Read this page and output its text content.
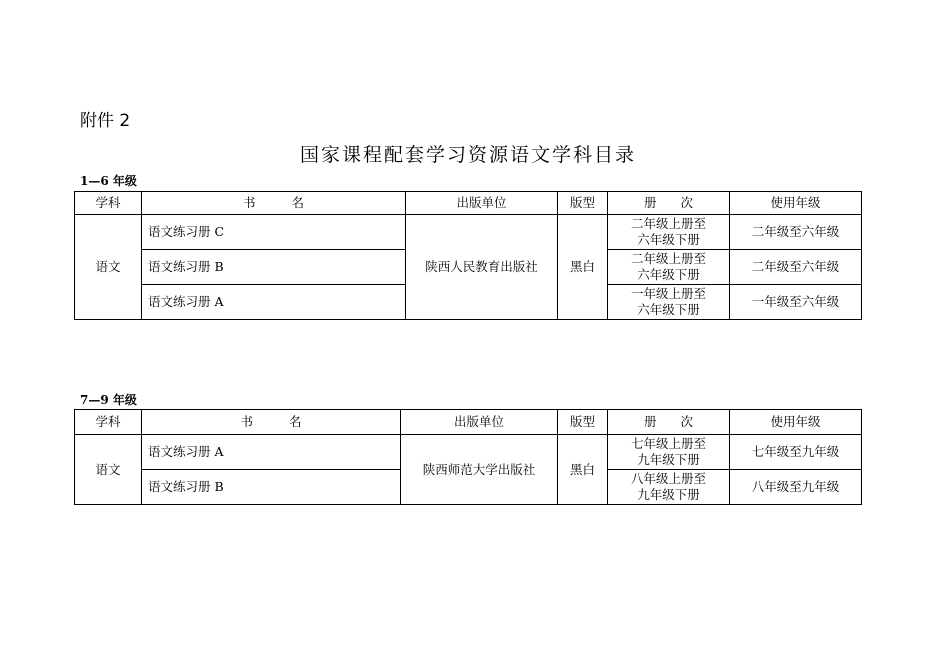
附件 2
国家课程配套学习资源语文学科目录
1—6 年级
学科	书 名	出版单位	版型	册 次	使用年级
语文	语文练习册 C	陕西人民教育出版社	黑白	二年级上册至
六年级下册	二年级至六年级
	语文练习册 B			二年级上册至
六年级下册	二年级至六年级
	语文练习册 A			一年级上册至
六年级下册	一年级至六年级
7—9 年级
学科	书 名	出版单位	版型	册 次	使用年级
语文	语文练习册 A	陕西师范大学出版社	黑白	七年级上册至
九年级下册	七年级至九年级
	语文练习册 B			八年级上册至
九年级下册	八年级至九年级
